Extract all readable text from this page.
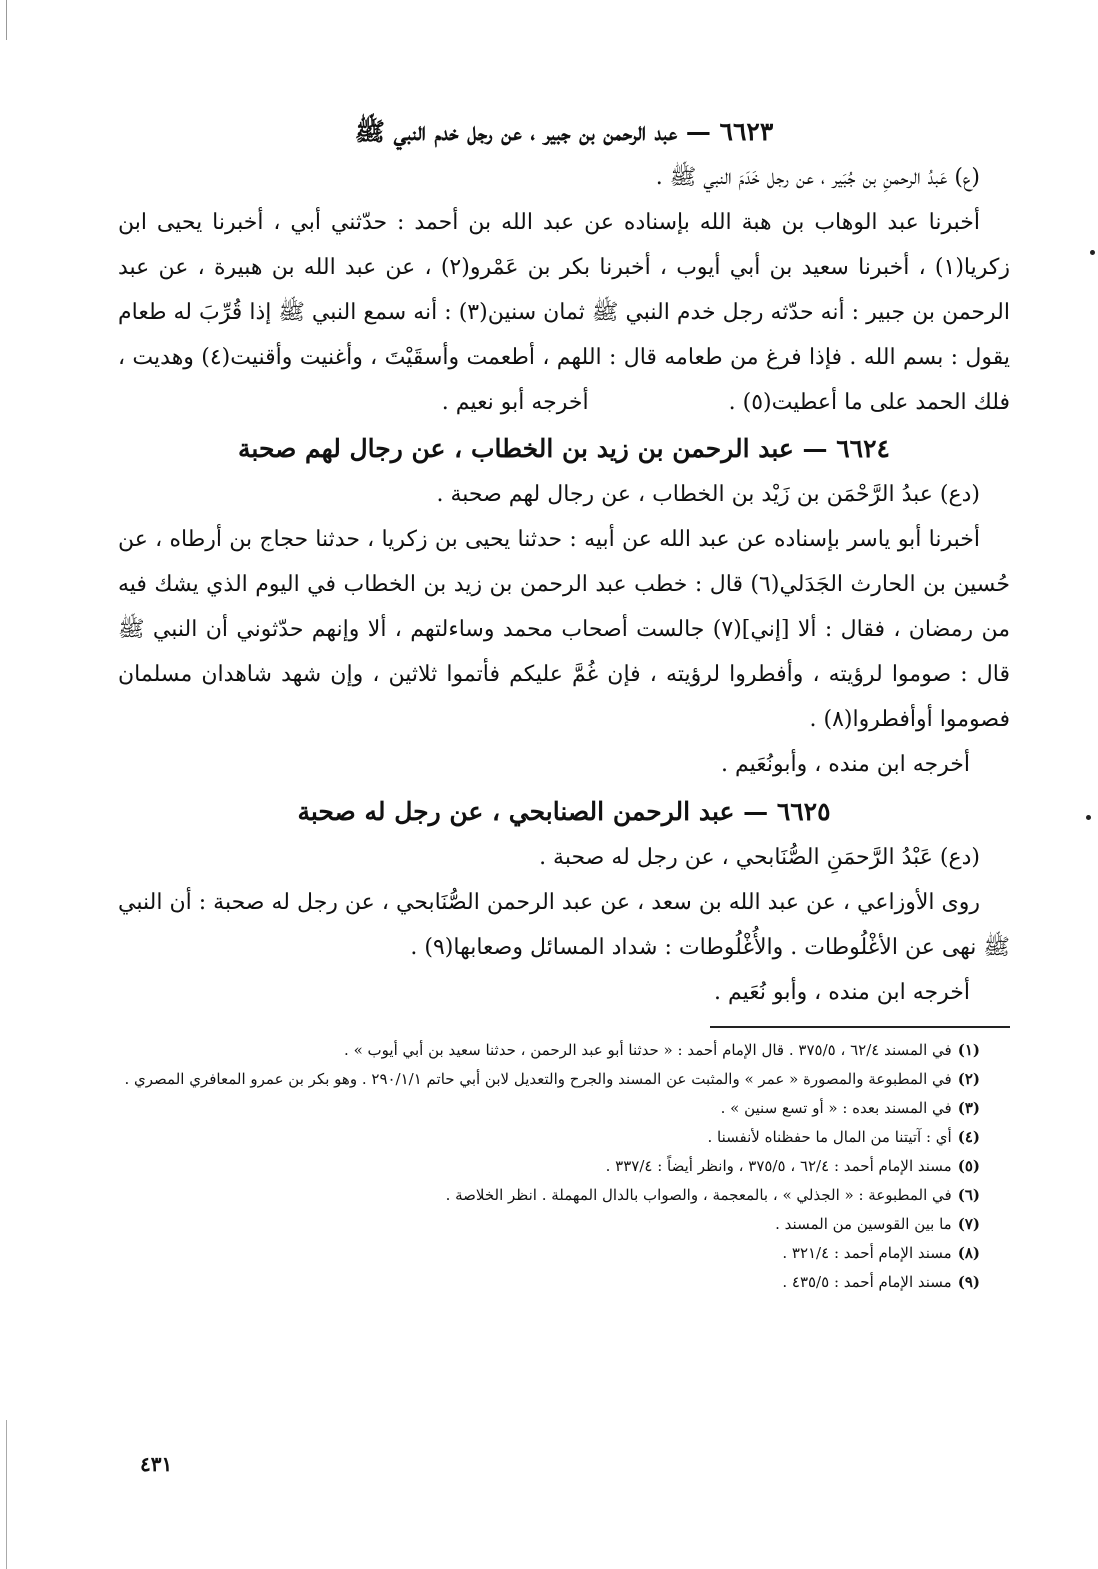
٦٦٢٣ — عبد الرحمن بن جبير ، عن رجل خدم النبي ﷺ

(ع) عَبدُ الرحمنِ بن جُبَير ، عن رجل خَدَمَ النبي ﷺ .

أخبرنا عبد الوهاب بن هبة الله بإسناده عن عبد الله بن أحمد : حدّثني أبي ، أخبرنا يحيى ابن زكريا(١) ، أخبرنا سعيد بن أبي أيوب ، أخبرنا بكر بن عَمْرو(٢) ، عن عبد الله بن هبيرة ، عن عبد الرحمن بن جبير : أنه حدّثه رجل خدم النبي ﷺ ثمان سنين(٣) : أنه سمع النبي ﷺ إذا قُرِّبَ له طعام يقول : بسم الله . فإذا فرغ من طعامه قال : اللهم ، أطعمت وأسقَيْتَ ، وأغنيت وأقنيت(٤) وهديت ، فلك الحمد على ما أعطيت(٥) .أخرجه أبو نعيم .

٦٦٢٤ — عبد الرحمن بن زيد بن الخطاب ، عن رجال لهم صحبة

(دع) عبدُ الرَّحْمَن بن زَيْد بن الخطاب ، عن رجال لهم صحبة .

أخبرنا أبو ياسر بإسناده عن عبد الله عن أبيه : حدثنا يحيى بن زكريا ، حدثنا حجاج بن أرطاه ، عن حُسين بن الحارث الجَدَلي(٦) قال : خطب عبد الرحمن بن زيد بن الخطاب في اليوم الذي يشك فيه من رمضان ، فقال : ألا [إني](٧) جالست أصحاب محمد وساءلتهم ، ألا وإنهم حدّثوني أن النبي ﷺ قال : صوموا لرؤيته ، وأفطروا لرؤيته ، فإن غُمَّ عليكم فأتموا ثلاثين ، وإن شهد شاهدان مسلمان فصوموا أوأفطروا(٨) .

أخرجه ابن منده ، وأبونُعَيم .

٦٦٢٥ — عبد الرحمن الصنابحي ، عن رجل له صحبة

(دع) عَبْدُ الرَّحمَنِ الصُّنَابحي ، عن رجل له صحبة .

روى الأوزاعي ، عن عبد الله بن سعد ، عن عبد الرحمن الصُّنَابحي ، عن رجل له صحبة : أن النبي ﷺ نهى عن الأغْلُوطات . والأُغْلُوطات : شداد المسائل وصعابها(٩) .

أخرجه ابن منده ، وأبو نُعَيم .

(١)في المسند ٦٢/٤ ، ٣٧٥/٥ . قال الإمام أحمد : « حدثنا أبو عبد الرحمن ، حدثنا سعيد بن أبي أيوب » .

(٢)في المطبوعة والمصورة « عمر » والمثبت عن المسند والجرح والتعديل لابن أبي حاتم ٢٩٠/١/١ . وهو بكر بن عمرو المعافري المصري .

(٣)في المسند بعده : « أو تسع سنين » .

(٤)أي : آتيتنا من المال ما حفظناه لأنفسنا .

(٥)مسند الإمام أحمد : ٦٢/٤ ، ٣٧٥/٥ ، وانظر أيضاً : ٣٣٧/٤ .

(٦)في المطبوعة : « الجذلي » ، بالمعجمة ، والصواب بالدال المهملة . انظر الخلاصة .

(٧)ما بين القوسين من المسند .

(٨)مسند الإمام أحمد : ٣٢١/٤ .

(٩)مسند الإمام أحمد : ٤٣٥/٥ .

٤٣١
